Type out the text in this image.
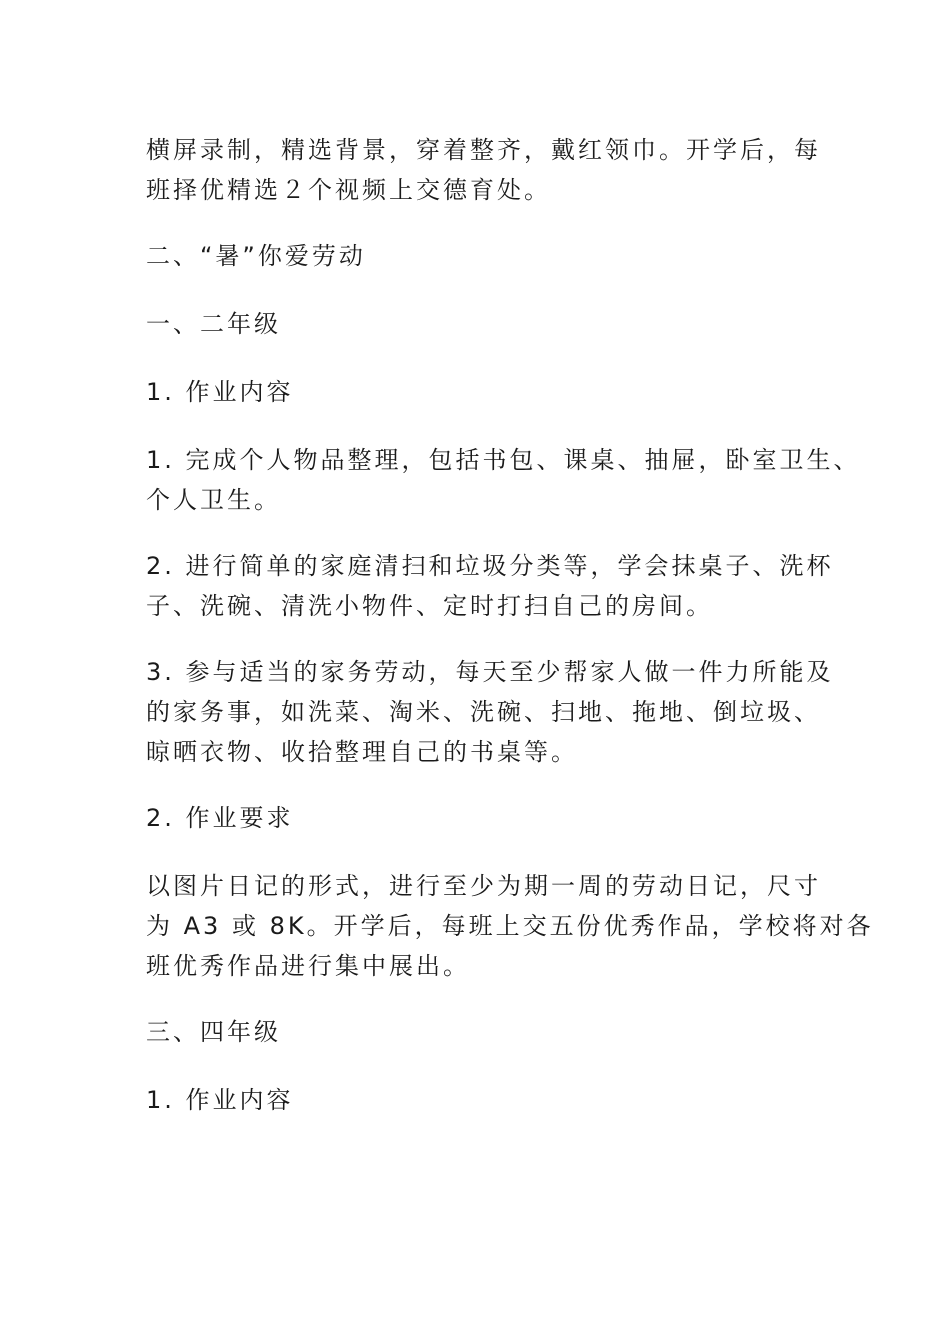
横屏录制，精选背景，穿着整齐，戴红领巾。开学后，每
班择优精选２个视频上交德育处。
二、“暑”你爱劳动
一、二年级
1. 作业内容
1. 完成个人物品整理，包括书包、课桌、抽屉，卧室卫生、
个人卫生。
2. 进行简单的家庭清扫和垃圾分类等，学会抹桌子、洗杯
子、洗碗、清洗小物件、定时打扫自己的房间。
3. 参与适当的家务劳动，每天至少帮家人做一件力所能及
的家务事，如洗菜、淘米、洗碗、扫地、拖地、倒垃圾、
晾晒衣物、收拾整理自己的书桌等。
2. 作业要求
以图片日记的形式，进行至少为期一周的劳动日记，尺寸
为 A3 或 8K。开学后，每班上交五份优秀作品，学校将对各
班优秀作品进行集中展出。
三、四年级
1. 作业内容
